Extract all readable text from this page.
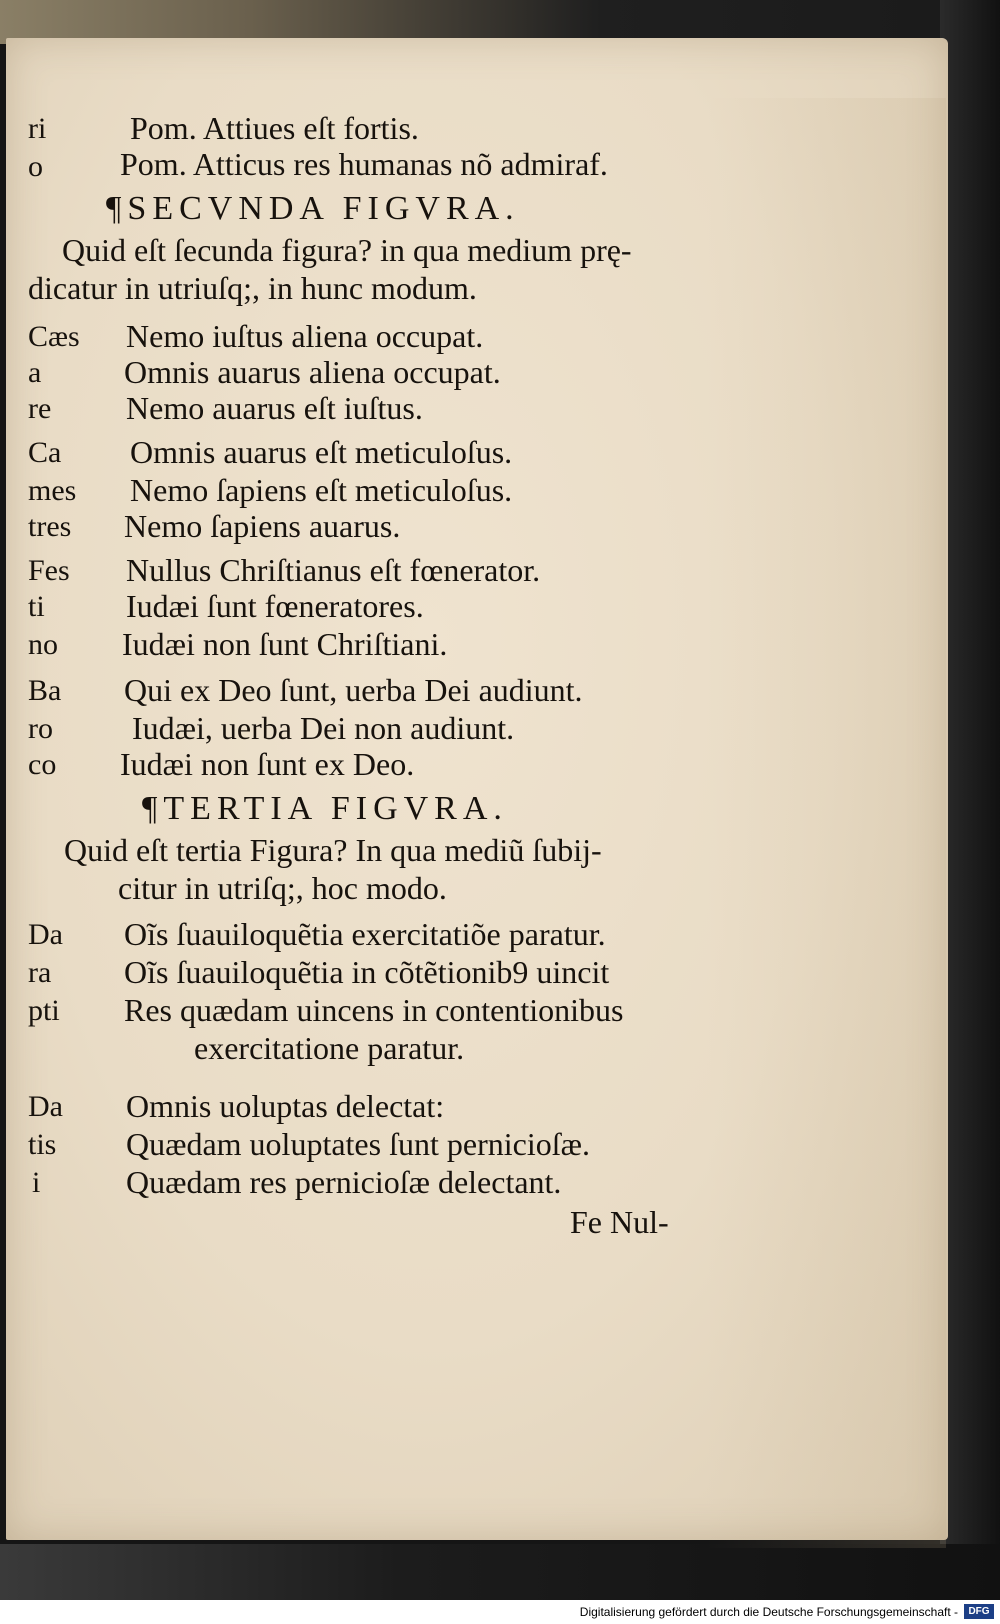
ri	Pom. Attiues eſt fortis.
o Pom. Atticus res humanas nõ admiraf.
¶SECVNDA FIGVRA.
Quid eſt ſecunda figura? in qua medium prę-
dicatur in utriuſq;, in hunc modum.
Cæs Nemo iuſtus aliena occupat.
a	Omnis auarus aliena occupat.
re Nemo auarus eſt iuſtus.
Ca Omnis auarus eſt meticuloſus.
mes Nemo ſapiens eſt meticuloſus.
tres Nemo ſapiens auarus.
Fes Nullus Chriſtianus eſt fœnerator.
ti	Iudæi ſunt fœneratores.
no Iudæi non ſunt Chriſtiani.
Ba Qui ex Deo ſunt, uerba Dei audiunt.
ro Iudæi, uerba Dei non audiunt.
co Iudæi non ſunt ex Deo.
¶TERTIA FIGVRA.
Quid eſt tertia Figura? In qua mediũ ſubij-
citur in utriſq;, hoc modo.
Da Oĩs ſuauiloquẽtia exercitatiõe paratur.
ra Oĩs ſuauiloquẽtia in cõtẽtionib9 uincit
pti Res quædam uincens in contentionibus
exercitatione paratur.
Da Omnis uoluptas delectat:
tis Quædam uoluptates ſunt pernicioſæ.
i	Quædam res pernicioſæ delectant.
Fe Nul-
Digitalisierung gefördert durch die Deutsche Forschungsgemeinschaft -	DFG
